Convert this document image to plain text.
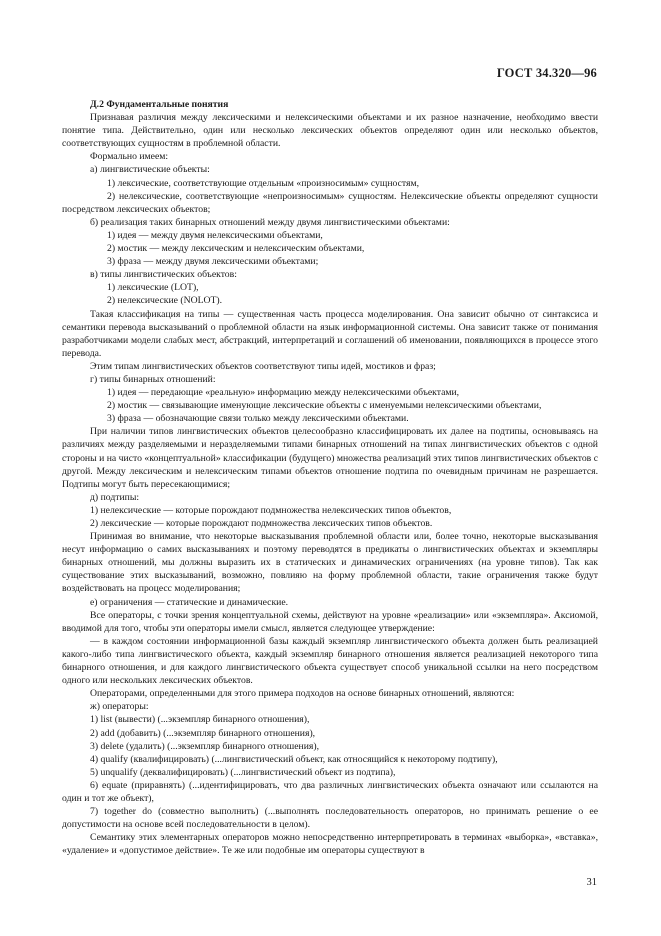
ГОСТ 34.320—96

Д.2 Фундаментальные понятия

Признавая различия между лексическими и нелексическими объектами и их разное назначение, необходимо ввести понятие типа. Действительно, один или несколько лексических объектов определяют один или несколько объектов, соответствующих сущностям в проблемной области.

Формально имеем:

а) лингвистические объекты:

1) лексические, соответствующие отдельным «произносимым» сущностям,

2) нелексические, соответствующие «непроизносимым» сущностям. Нелексические объекты определяют сущности посредством лексических объектов;

б) реализация таких бинарных отношений между двумя лингвистическими объектами:

1) идея — между двумя нелексическими объектами,

2) мостик — между лексическим и нелексическим объектами,

3) фраза — между двумя лексическими объектами;

в) типы лингвистических объектов:

1) лексические (LOT),

2) нелексические (NOLOT).

Такая классификация на типы — существенная часть процесса моделирования. Она зависит обычно от синтаксиса и семантики перевода высказываний о проблемной области на язык информационной системы. Она зависит также от понимания разработчиками модели слабых мест, абстракций, интерпретаций и соглашений об именовании, появляющихся в процессе этого перевода.

Этим типам лингвистических объектов соответствуют типы идей, мостиков и фраз;

г) типы бинарных отношений:

1) идея — передающие «реальную» информацию между нелексическими объектами,

2) мостик — связывающие именующие лексические объекты с именуемыми нелексическими объектами,

3) фраза — обозначающие связи только между лексическими объектами.

При наличии типов лингвистических объектов целесообразно классифицировать их далее на подтипы, основываясь на различиях между разделяемыми и неразделяемыми типами бинарных отношений на типах лингвистических объектов с одной стороны и на чисто «концептуальной» классификации (будущего) множества реализаций этих типов лингвистических объектов с другой. Между лексическим и нелексическим типами объектов отношение подтипа по очевидным причинам не разрешается. Подтипы могут быть пересекающимися;

д) подтипы:

1) нелексические — которые порождают подмножества нелексических типов объектов,

2) лексические — которые порождают подмножества лексических типов объектов.

Принимая во внимание, что некоторые высказывания проблемной области или, более точно, некоторые высказывания несут информацию о самих высказываниях и поэтому переводятся в предикаты о лингвистических объектах и экземпляры бинарных отношений, мы должны выразить их в статических и динамических ограничениях (на уровне типов). Так как существование этих высказываний, возможно, повлияю на форму проблемной области, такие ограничения также будут воздействовать на процесс моделирования;

е) ограничения — статические и динамические.

Все операторы, с точки зрения концептуальной схемы, действуют на уровне «реализации» или «экземпляра». Аксиомой, вводимой для того, чтобы эти операторы имели смысл, является следующее утверждение:

— в каждом состоянии информационной базы каждый экземпляр лингвистического объекта должен быть реализацией какого-либо типа лингвистического объекта, каждый экземпляр бинарного отношения является реализацией некоторого типа бинарного отношения, и для каждого лингвистического объекта существует способ уникальной ссылки на него посредством одного или нескольких лексических объектов.

Операторами, определенными для этого примера подходов на основе бинарных отношений, являются:

ж) операторы:

1) list (вывести) (...экземпляр бинарного отношения),

2) add (добавить) (...экземпляр бинарного отношения),

3) delete (удалить) (...экземпляр бинарного отношения),

4) qualify (квалифицировать) (...лингвистический объект, как относящийся к некоторому подтипу),

5) unqualify (деквалифицировать) (...лингвистический объект из подтипа),

6) equate (приравнять) (...идентифицировать, что два различных лингвистических объекта означают или ссылаются на один и тот же объект),

7) together do (совместно выполнить) (...выполнять последовательность операторов, но принимать решение о ее допустимости на основе всей последовательности в целом).

Семантику этих элементарных операторов можно непосредственно интерпретировать в терминах «выборка», «вставка», «удаление» и «допустимое действие». Те же или подобные им операторы существуют в

31
